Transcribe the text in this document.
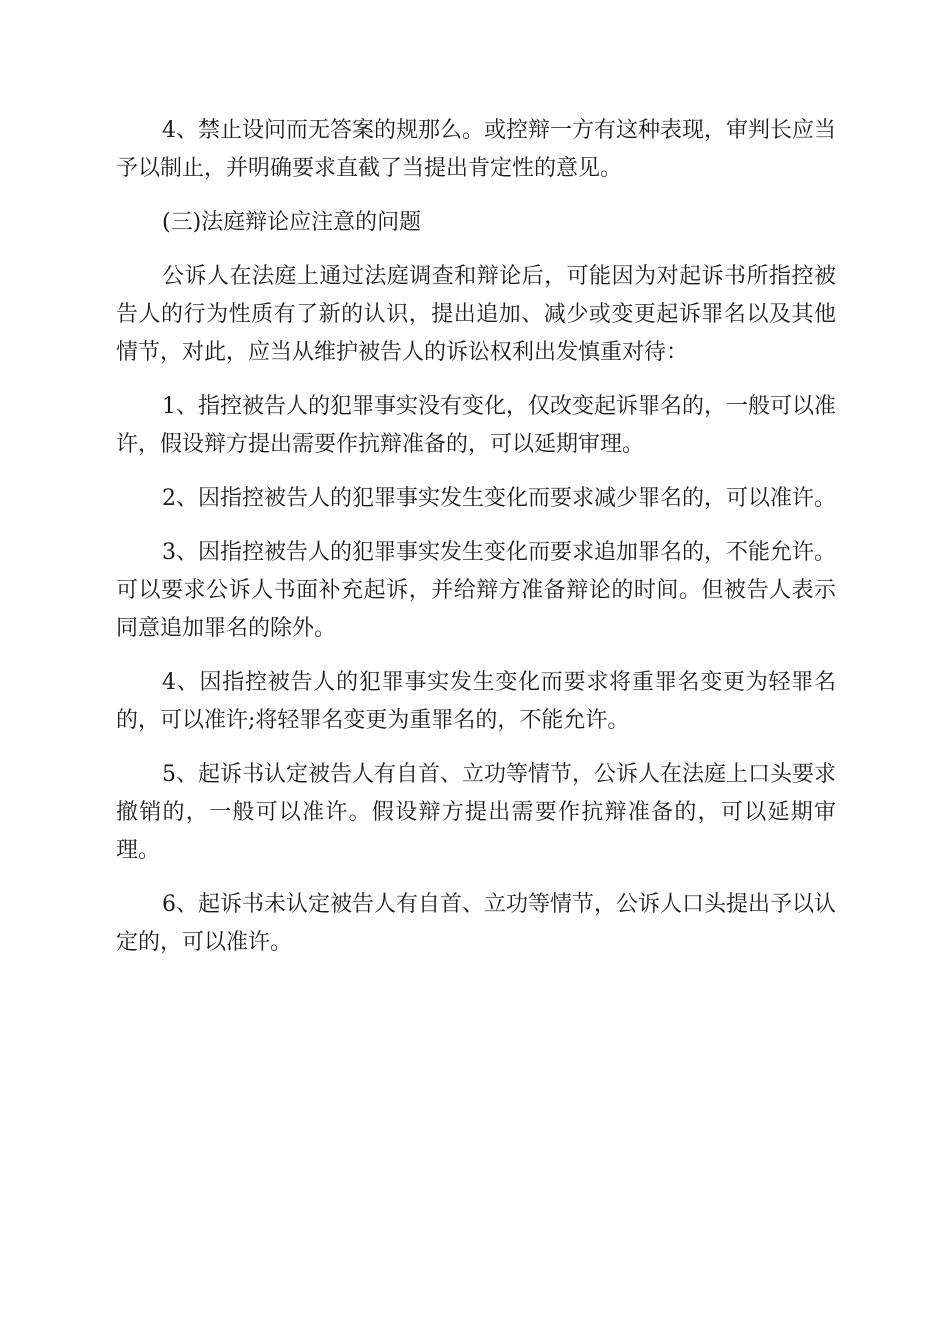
4、禁止设问而无答案的规那么。或控辩一方有这种表现，审判长应当予以制止，并明确要求直截了当提出肯定性的意见。

(三)法庭辩论应注意的问题

公诉人在法庭上通过法庭调查和辩论后，可能因为对起诉书所指控被告人的行为性质有了新的认识，提出追加、减少或变更起诉罪名以及其他情节，对此，应当从维护被告人的诉讼权利出发慎重对待：

1、指控被告人的犯罪事实没有变化，仅改变起诉罪名的，一般可以准许，假设辩方提出需要作抗辩准备的，可以延期审理。

2、因指控被告人的犯罪事实发生变化而要求减少罪名的，可以准许。

3、因指控被告人的犯罪事实发生变化而要求追加罪名的，不能允许。可以要求公诉人书面补充起诉，并给辩方准备辩论的时间。但被告人表示同意追加罪名的除外。

4、因指控被告人的犯罪事实发生变化而要求将重罪名变更为轻罪名的，可以准许;将轻罪名变更为重罪名的，不能允许。

5、起诉书认定被告人有自首、立功等情节，公诉人在法庭上口头要求撤销的，一般可以准许。假设辩方提出需要作抗辩准备的，可以延期审理。

6、起诉书未认定被告人有自首、立功等情节，公诉人口头提出予以认定的，可以准许。
